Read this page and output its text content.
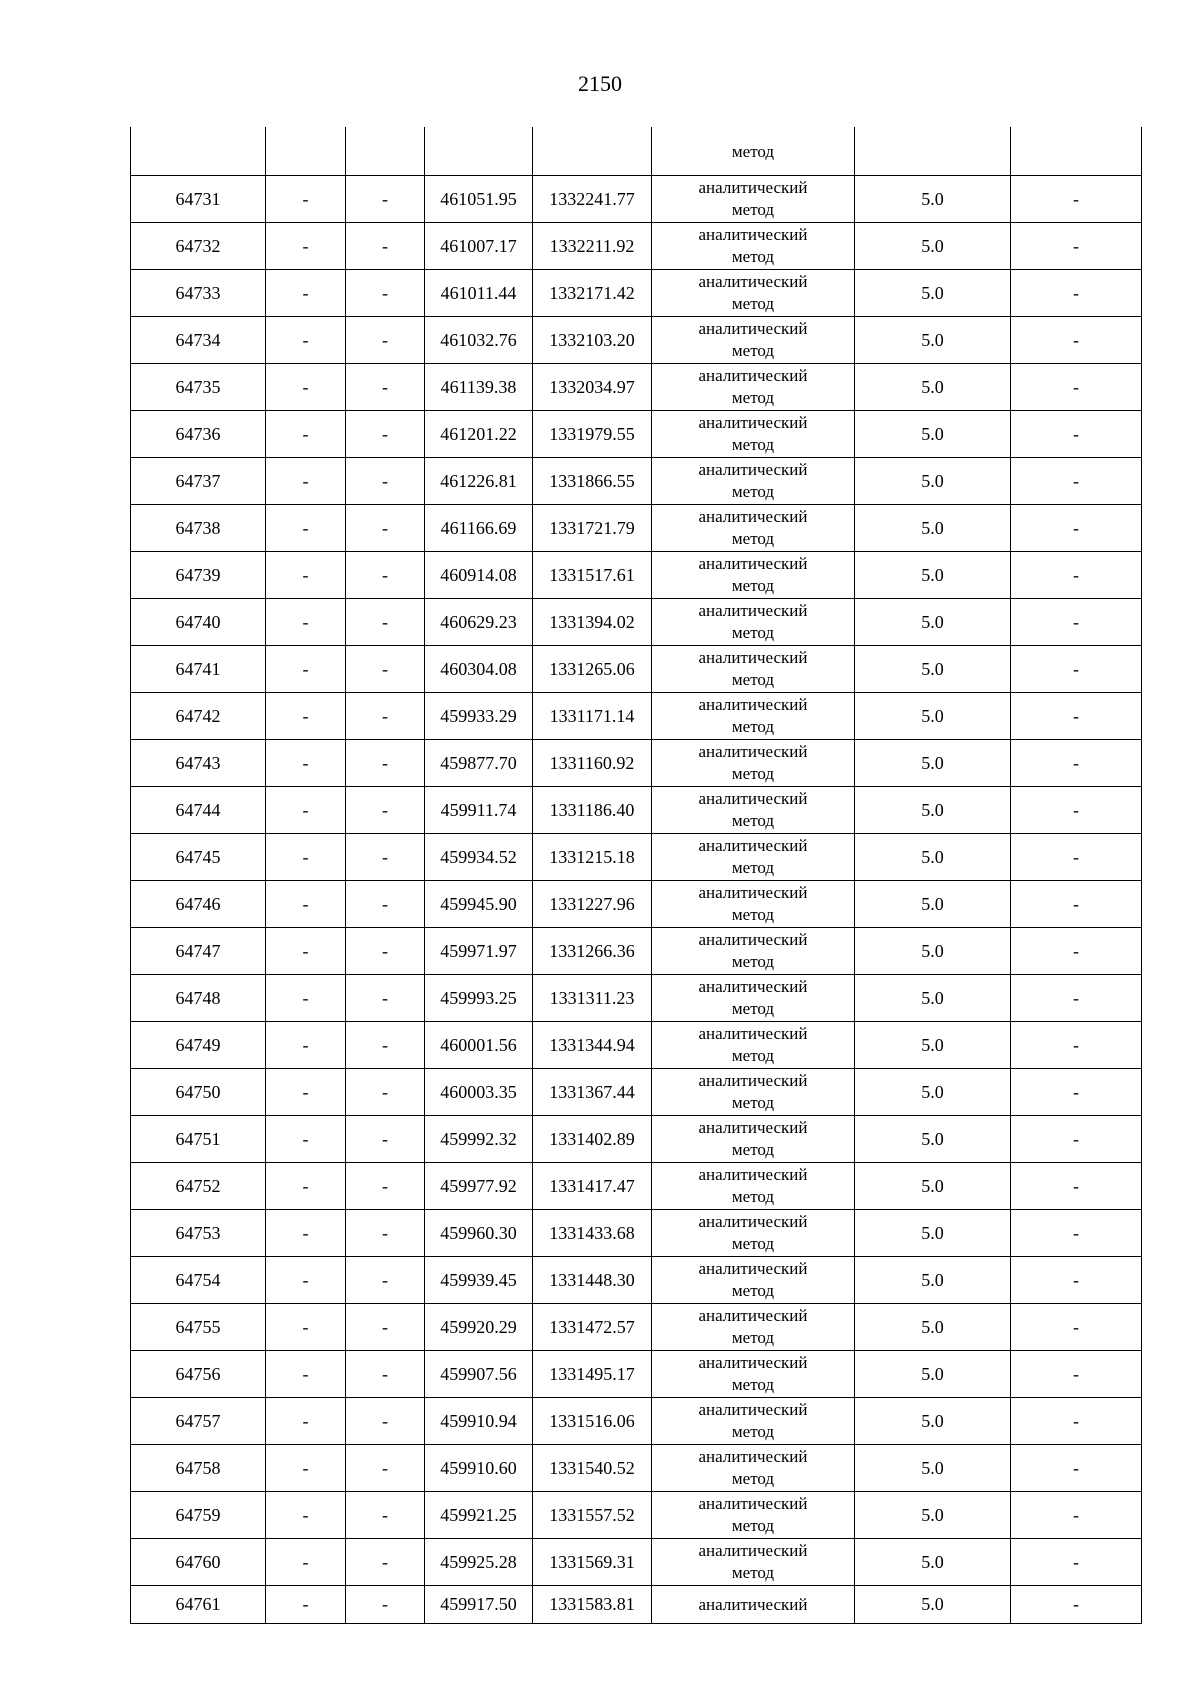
2150
					метод		
64731	-	-	461051.95	1332241.77	аналитический
метод	5.0	-
64732	-	-	461007.17	1332211.92	аналитический
метод	5.0	-
64733	-	-	461011.44	1332171.42	аналитический
метод	5.0	-
64734	-	-	461032.76	1332103.20	аналитический
метод	5.0	-
64735	-	-	461139.38	1332034.97	аналитический
метод	5.0	-
64736	-	-	461201.22	1331979.55	аналитический
метод	5.0	-
64737	-	-	461226.81	1331866.55	аналитический
метод	5.0	-
64738	-	-	461166.69	1331721.79	аналитический
метод	5.0	-
64739	-	-	460914.08	1331517.61	аналитический
метод	5.0	-
64740	-	-	460629.23	1331394.02	аналитический
метод	5.0	-
64741	-	-	460304.08	1331265.06	аналитический
метод	5.0	-
64742	-	-	459933.29	1331171.14	аналитический
метод	5.0	-
64743	-	-	459877.70	1331160.92	аналитический
метод	5.0	-
64744	-	-	459911.74	1331186.40	аналитический
метод	5.0	-
64745	-	-	459934.52	1331215.18	аналитический
метод	5.0	-
64746	-	-	459945.90	1331227.96	аналитический
метод	5.0	-
64747	-	-	459971.97	1331266.36	аналитический
метод	5.0	-
64748	-	-	459993.25	1331311.23	аналитический
метод	5.0	-
64749	-	-	460001.56	1331344.94	аналитический
метод	5.0	-
64750	-	-	460003.35	1331367.44	аналитический
метод	5.0	-
64751	-	-	459992.32	1331402.89	аналитический
метод	5.0	-
64752	-	-	459977.92	1331417.47	аналитический
метод	5.0	-
64753	-	-	459960.30	1331433.68	аналитический
метод	5.0	-
64754	-	-	459939.45	1331448.30	аналитический
метод	5.0	-
64755	-	-	459920.29	1331472.57	аналитический
метод	5.0	-
64756	-	-	459907.56	1331495.17	аналитический
метод	5.0	-
64757	-	-	459910.94	1331516.06	аналитический
метод	5.0	-
64758	-	-	459910.60	1331540.52	аналитический
метод	5.0	-
64759	-	-	459921.25	1331557.52	аналитический
метод	5.0	-
64760	-	-	459925.28	1331569.31	аналитический
метод	5.0	-
64761	-	-	459917.50	1331583.81	аналитический	5.0	-
